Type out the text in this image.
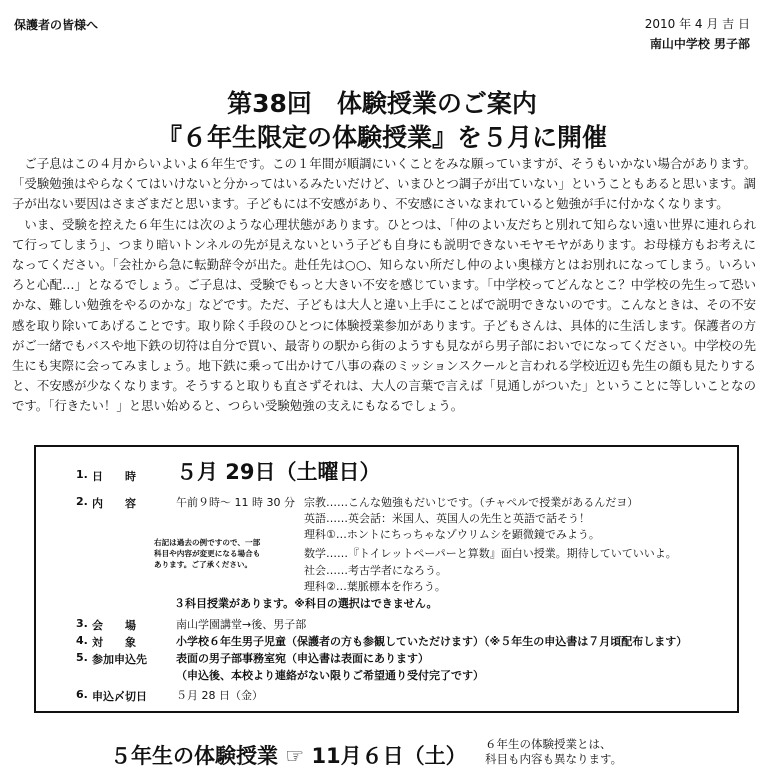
保護者の皆様へ	2010 年 4 月 吉 日
南山中学校 男子部
第38回　体験授業のご案内
『６年生限定の体験授業』を５月に開催

ご子息はこの４月からいよいよ６年生です。この１年間が順調にいくことをみな願っていますが、そうもいかない場合があります。「受験勉強はやらなくてはいけないと分かってはいるみたいだけど、いまひとつ調子が出ていない」ということもあると思います。調子が出ない要因はさまざまだと思います。子どもには不安感があり、不安感にさいなまれていると勉強が手に付かなくなります。

いま、受験を控えた６年生には次のような心理状態があります。ひとつは、「仲のよい友だちと別れて知らない遠い世界に連れられて行ってしまう」、つまり暗いトンネルの先が見えないという子ども自身にも説明できないモヤモヤがあります。お母様方もお考えになってください。「会社から急に転勤辞令が出た。赴任先は○○、知らない所だし仲のよい奥様方とはお別れになってしまう。いろいろと心配…」となるでしょう。ご子息は、受験でもっと大きい不安を感じています。「中学校ってどんなとこ？中学校の先生って恐いかな、難しい勉強をやるのかな」などです。ただ、子どもは大人と違い上手にことばで説明できないのです。こんなときは、その不安感を取り除いてあげることです。取り除く手段のひとつに体験授業参加があります。子どもさんは、具体的に生活します。保護者の方がご一緒でもバスや地下鉄の切符は自分で買い、最寄りの駅から街のようすも見ながら男子部においでになってください。中学校の先生にも実際に会ってみましょう。地下鉄に乗って出かけて八事の森のミッションスクールと言われる学校近辺も先生の顔も見たりすると、不安感が少なくなります。そうすると取りも直さずそれは、大人の言葉で言えば「見通しがついた」ということに等しいことなのです。「行きたい！」と思い始めると、つらい受験勉強の支えにもなるでしょう。

1. 日　　時 ５月 29日（土曜日）
2. 内　　容	午前９時～ 11 時 30 分 宗教……こんな勉強もだいじです。（チャペルで授業があるんだヨ）
英語……英会話：米国人、英国人の先生と英語で話そう！
理科①…ホントにちっちゃなゾウリムシを顕微鏡でみよう。
数学……『トイレットペーパーと算数』面白い授業。期待していていいよ。
社会……考古学者になろう。
理科②…葉脈標本を作ろう。
右記は過去の例ですので、一部
科目や内容が変更になる場合も
あります。ご了承ください。
３科目授業があります。※科目の選択はできません。
3. 会　　場	南山学園講堂→後、男子部
4. 対　　象	小学校６年生男子児童（保護者の方も参観していただけます）（※５年生の申込書は７月頃配布します）
5. 参加申込先	表面の男子部事務室宛（申込書は表面にあります）
（申込後、本校より連絡がない限りご希望通り受付完了です）
6. 申込〆切日	５月 28 日（金）
５年生の体験授業 ☞ 11月６日（土） ６年生の体験授業とは、
科目も内容も異なります。
